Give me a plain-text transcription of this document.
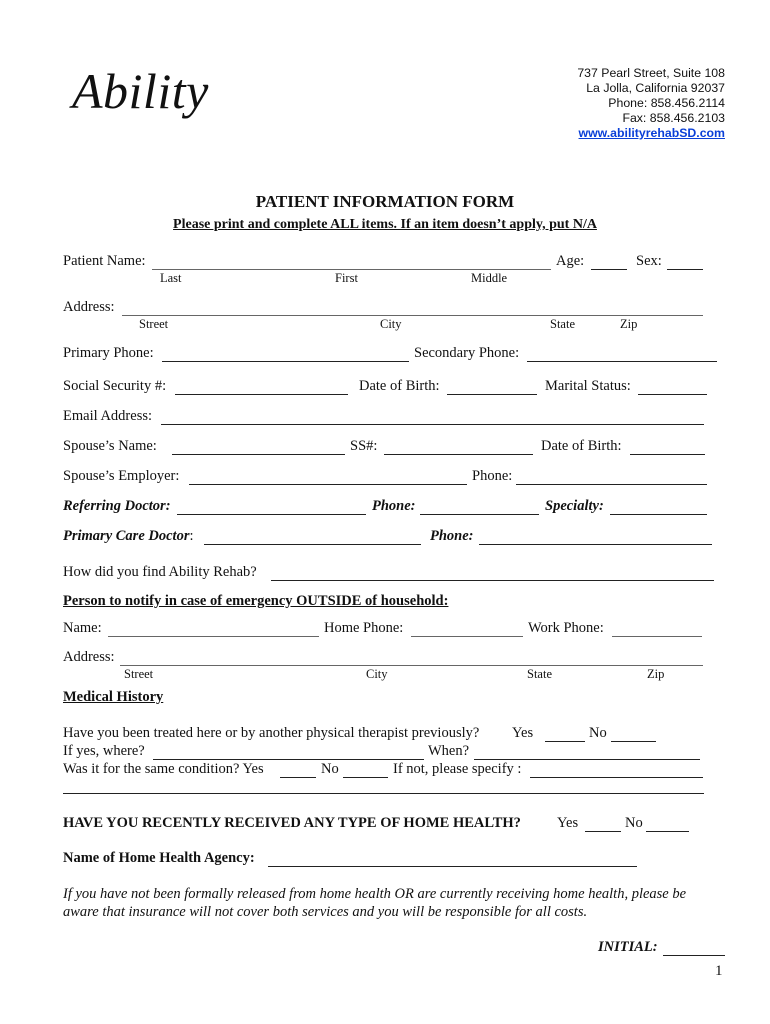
Ability	737 Pearl Street, Suite 108
La Jolla, California 92037
Phone: 858.456.2114
Fax: 858.456.2103
www.abilityrehabSD.com
PATIENT INFORMATION FORM
Please print and complete ALL items. If an item doesn’t apply, put N/A
Patient Name:	Age:	Sex:
Last	First	Middle
Address:
Street	City	State	Zip
Primary Phone:	Secondary Phone:
Social Security #:	Date of Birth:	Marital Status:
Email Address:
Spouse’s Name:	SS#:	Date of Birth:
Spouse’s Employer:	Phone:
Referring Doctor:	Phone:	Specialty:
Primary Care Doctor:	Phone:
How did you find Ability Rehab?
Person to notify in case of emergency OUTSIDE of household:
Name:	Home Phone:	Work Phone:
Address:
Street	City	State	Zip
Medical History
Have you been treated here or by another physical therapist previously? Yes	No
If yes, where?	When?
Was it for the same condition? Yes	No	If not, please specify :
HAVE YOU RECENTLY RECEIVED ANY TYPE OF HOME HEALTH? Yes	No
Name of Home Health Agency:
If you have not been formally released from home health OR are currently receiving home health, please be aware that insurance will not cover both services and you will be responsible for all costs.
INITIAL:
1
